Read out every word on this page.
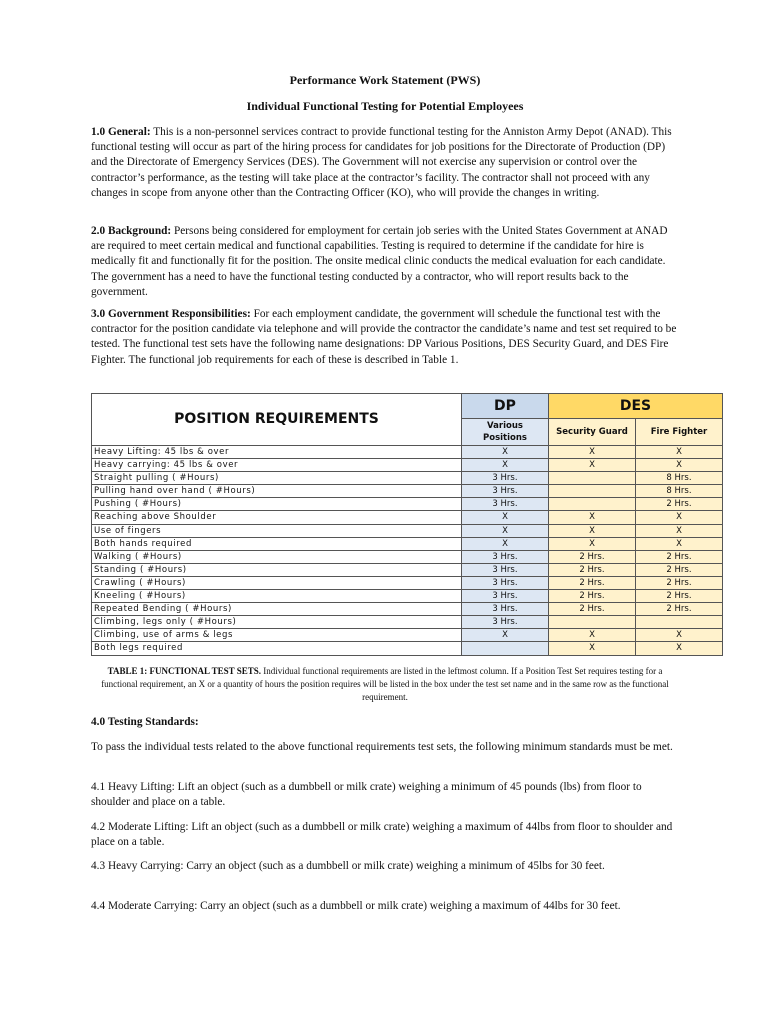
Performance Work Statement (PWS)
Individual Functional Testing for Potential Employees

1.0 General: This is a non-personnel services contract to provide functional testing for the Anniston Army Depot (ANAD). This functional testing will occur as part of the hiring process for candidates for job positions for the Directorate of Production (DP) and the Directorate of Emergency Services (DES). The Government will not exercise any supervision or control over the contractor’s performance, as the testing will take place at the contractor’s facility. The contractor shall not proceed with any changes in scope from anyone other than the Contracting Officer (KO), who will provide the changes in writing.

2.0 Background: Persons being considered for employment for certain job series with the United States Government at ANAD are required to meet certain medical and functional capabilities. Testing is required to determine if the candidate for hire is medically fit and functionally fit for the position. The onsite medical clinic conducts the medical evaluation for each candidate. The government has a need to have the functional testing conducted by a contractor, who will report results back to the government.

3.0 Government Responsibilities: For each employment candidate, the government will schedule the functional test with the contractor for the position candidate via telephone and will provide the contractor the candidate’s name and test set required to be tested. The functional test sets have the following name designations: DP Various Positions, DES Security Guard, and DES Fire Fighter. The functional job requirements for each of these is described in Table 1.

POSITION REQUIREMENTS	DP	DES	
	Various Positions	Security Guard	Fire Fighter
Heavy Lifting: 45 lbs & over	X	X	X
Heavy carrying: 45 lbs & over	X	X	X
Straight pulling ( #Hours)	3 Hrs.		8 Hrs.
Pulling hand over hand ( #Hours)	3 Hrs.		8 Hrs.
Pushing ( #Hours)	3 Hrs.		2 Hrs.
Reaching above Shoulder	X	X	X
Use of fingers	X	X	X
Both hands required	X	X	X
Walking ( #Hours)	3 Hrs.	2 Hrs.	2 Hrs.
Standing ( #Hours)	3 Hrs.	2 Hrs.	2 Hrs.
Crawling ( #Hours)	3 Hrs.	2 Hrs.	2 Hrs.
Kneeling ( #Hours)	3 Hrs.	2 Hrs.	2 Hrs.
Repeated Bending ( #Hours)	3 Hrs.	2 Hrs.	2 Hrs.
Climbing, legs only ( #Hours)	3 Hrs.		
Climbing, use of arms & legs	X	X	X
Both legs required		X	X
TABLE 1: FUNCTIONAL TEST SETS. Individual functional requirements are listed in the leftmost column. If a Position Test Set requires testing for a functional requirement, an X or a quantity of hours the position requires will be listed in the box under the test set name and in the same row as the functional requirement.
4.0 Testing Standards:

To pass the individual tests related to the above functional requirements test sets, the following minimum standards must be met.

4.1 Heavy Lifting: Lift an object (such as a dumbbell or milk crate) weighing a minimum of 45 pounds (lbs) from floor to shoulder and place on a table.

4.2 Moderate Lifting: Lift an object (such as a dumbbell or milk crate) weighing a maximum of 44lbs from floor to shoulder and place on a table.

4.3 Heavy Carrying: Carry an object (such as a dumbbell or milk crate) weighing a minimum of 45lbs for 30 feet.

4.4 Moderate Carrying: Carry an object (such as a dumbbell or milk crate) weighing a maximum of 44lbs for 30 feet.
